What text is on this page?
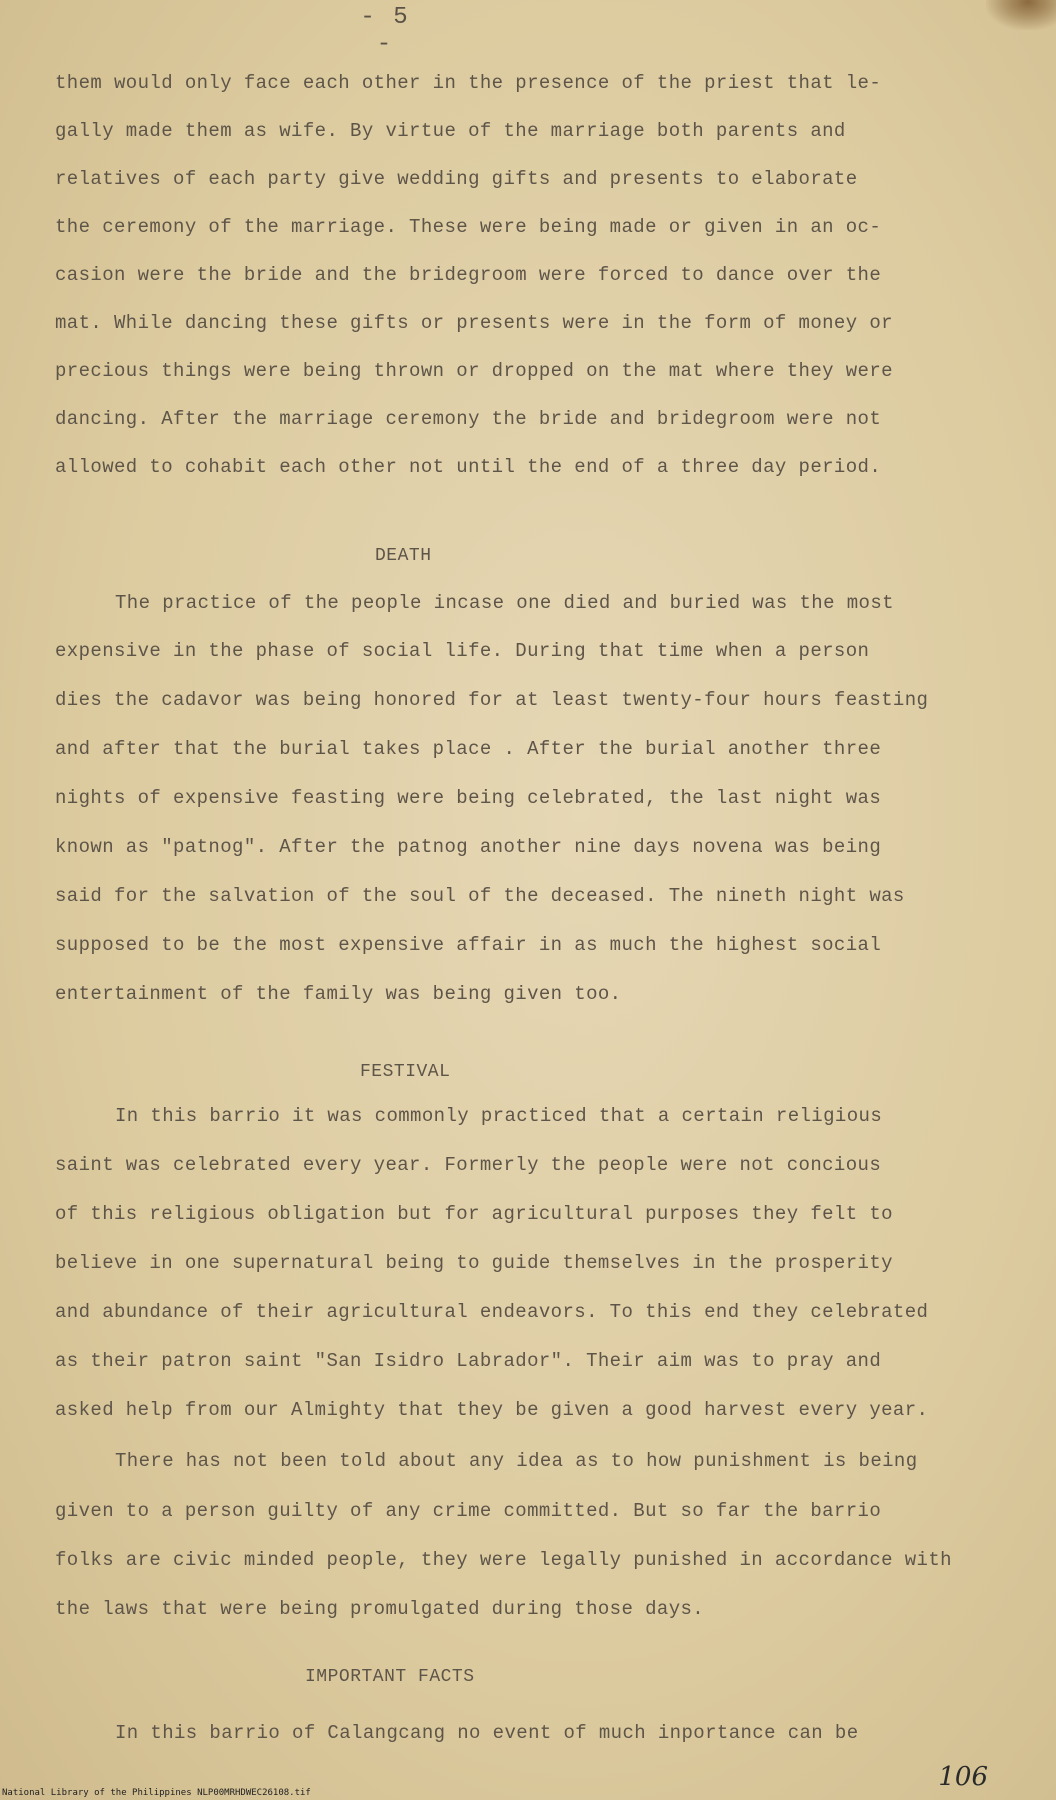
- 5 -
them would only face each other in the presence of the priest that le-
gally made them as wife. By virtue of the marriage both parents and
relatives of each party give wedding gifts and presents to elaborate
the ceremony of the marriage. These were being made or given in an oc-
casion were the bride and the bridegroom were forced to dance over the
mat. While dancing these gifts or presents were in the form of money or
precious things were being thrown or dropped on the mat where they were
dancing. After the marriage ceremony the bride and bridegroom were not
allowed to cohabit each other not until the end of a three day period.
DEATH
The practice of the people incase one died and buried was the most
expensive in the phase of social life. During that time when a person
dies the cadavor was being honored for at least twenty-four hours feasting
and after that the burial takes place . After the burial another three
nights of expensive feasting were being celebrated, the last night was
known as "patnog". After the patnog another nine days novena was being
said for the salvation of the soul of the deceased. The nineth night was
supposed to be the most expensive affair in as much the highest social
entertainment of the family was being given too.
FESTIVAL
In this barrio it was commonly practiced that a certain religious
saint was celebrated every year. Formerly the people were not concious
of this religious obligation but for agricultural purposes they felt to
believe in one supernatural being to guide themselves in the prosperity
and abundance of their agricultural endeavors. To this end they celebrated
as their patron saint "San Isidro Labrador". Their aim was to pray and
asked help from our Almighty that they be given a good harvest every year.
There has not been told about any idea as to how punishment is being
given to a person guilty of any crime committed. But so far the barrio
folks are civic minded people, they were legally punished in accordance with
the laws that were being promulgated during those days.
IMPORTANT FACTS
In this barrio of Calangcang no event of much inportance can be
106
National Library of the Philippines NLP00MRHDWEC26108.tif
